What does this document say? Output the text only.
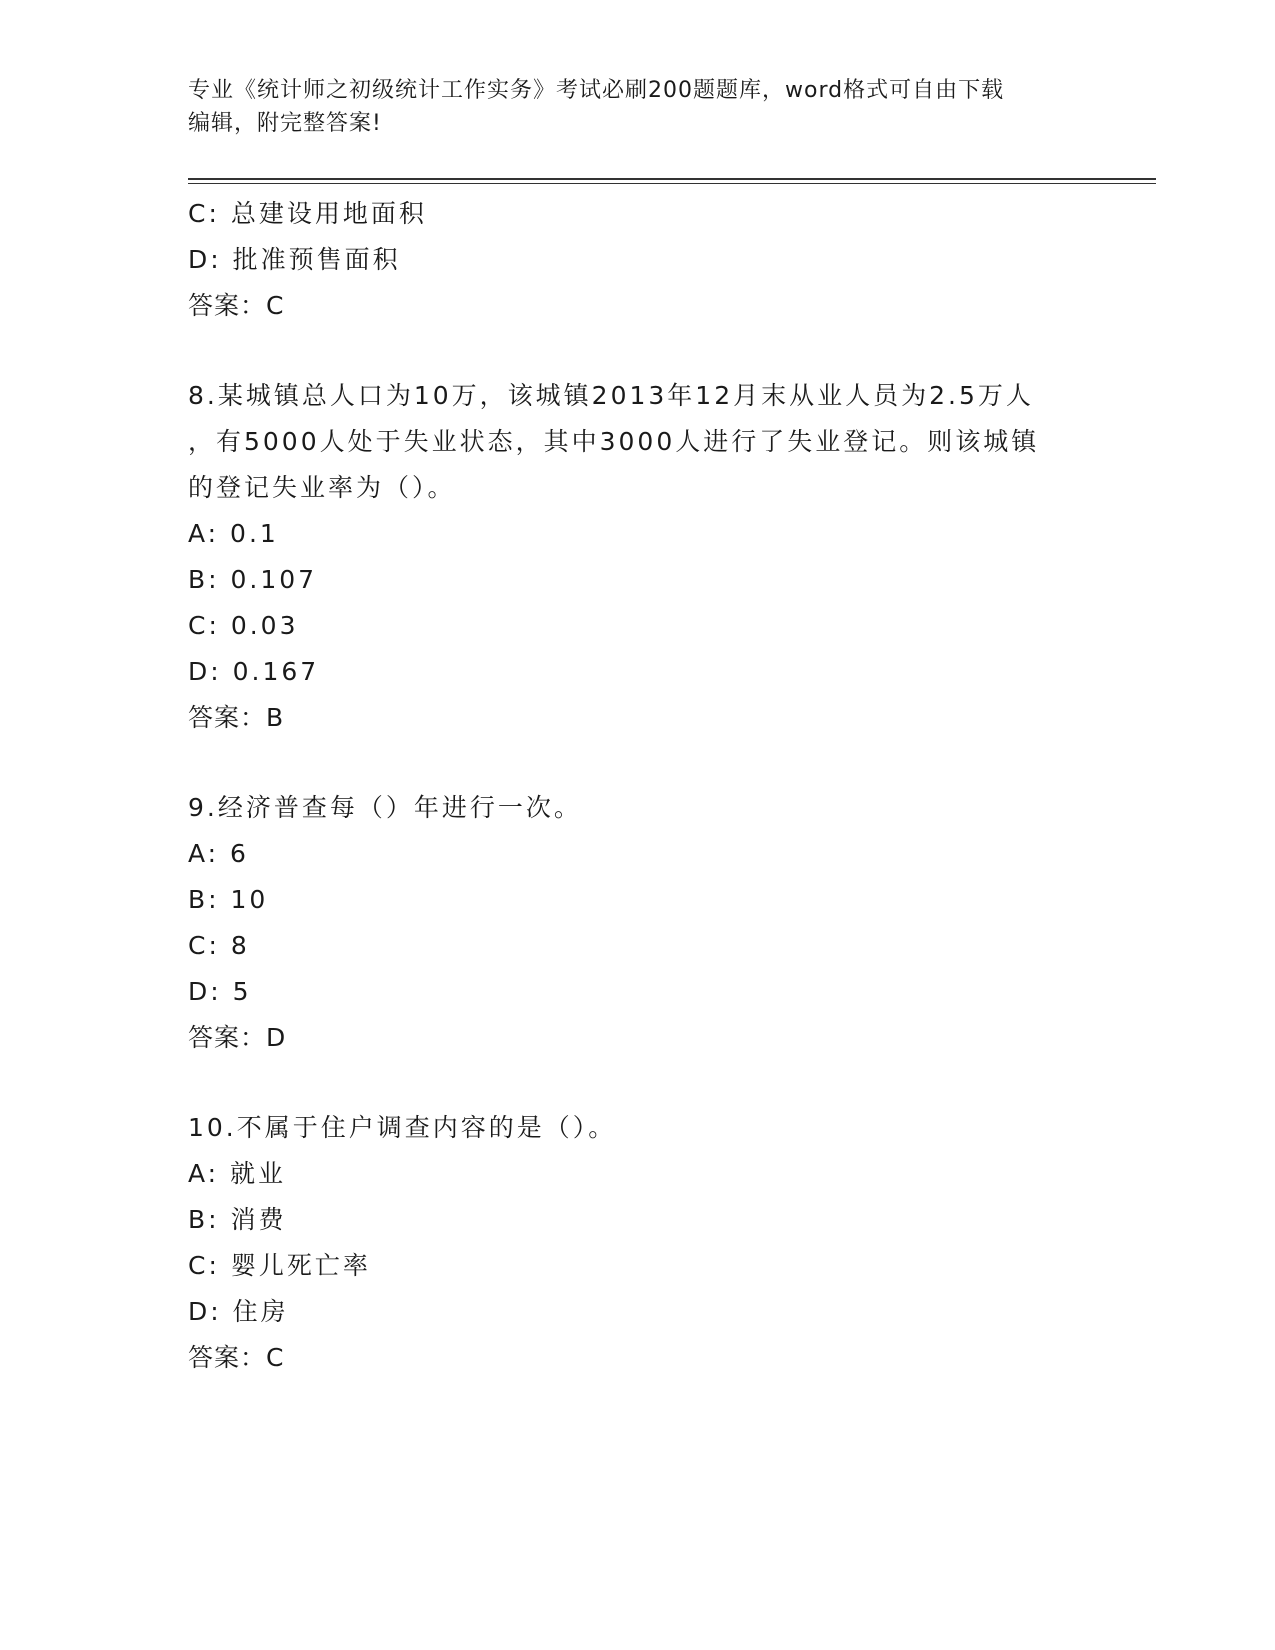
专业《统计师之初级统计工作实务》考试必刷200题题库，word格式可自由下载
编辑，附完整答案!
C: 总建设用地面积
D: 批准预售面积
答案：C
8.某城镇总人口为10万，该城镇2013年12月末从业人员为2.5万人
，有5000人处于失业状态，其中3000人进行了失业登记。则该城镇
的登记失业率为（）。
A: 0.1
B: 0.107
C: 0.03
D: 0.167
答案：B
9.经济普查每（）年进行一次。
A: 6
B: 10
C: 8
D: 5
答案：D
10.不属于住户调查内容的是（）。
A: 就业
B: 消费
C: 婴儿死亡率
D: 住房
答案：C
